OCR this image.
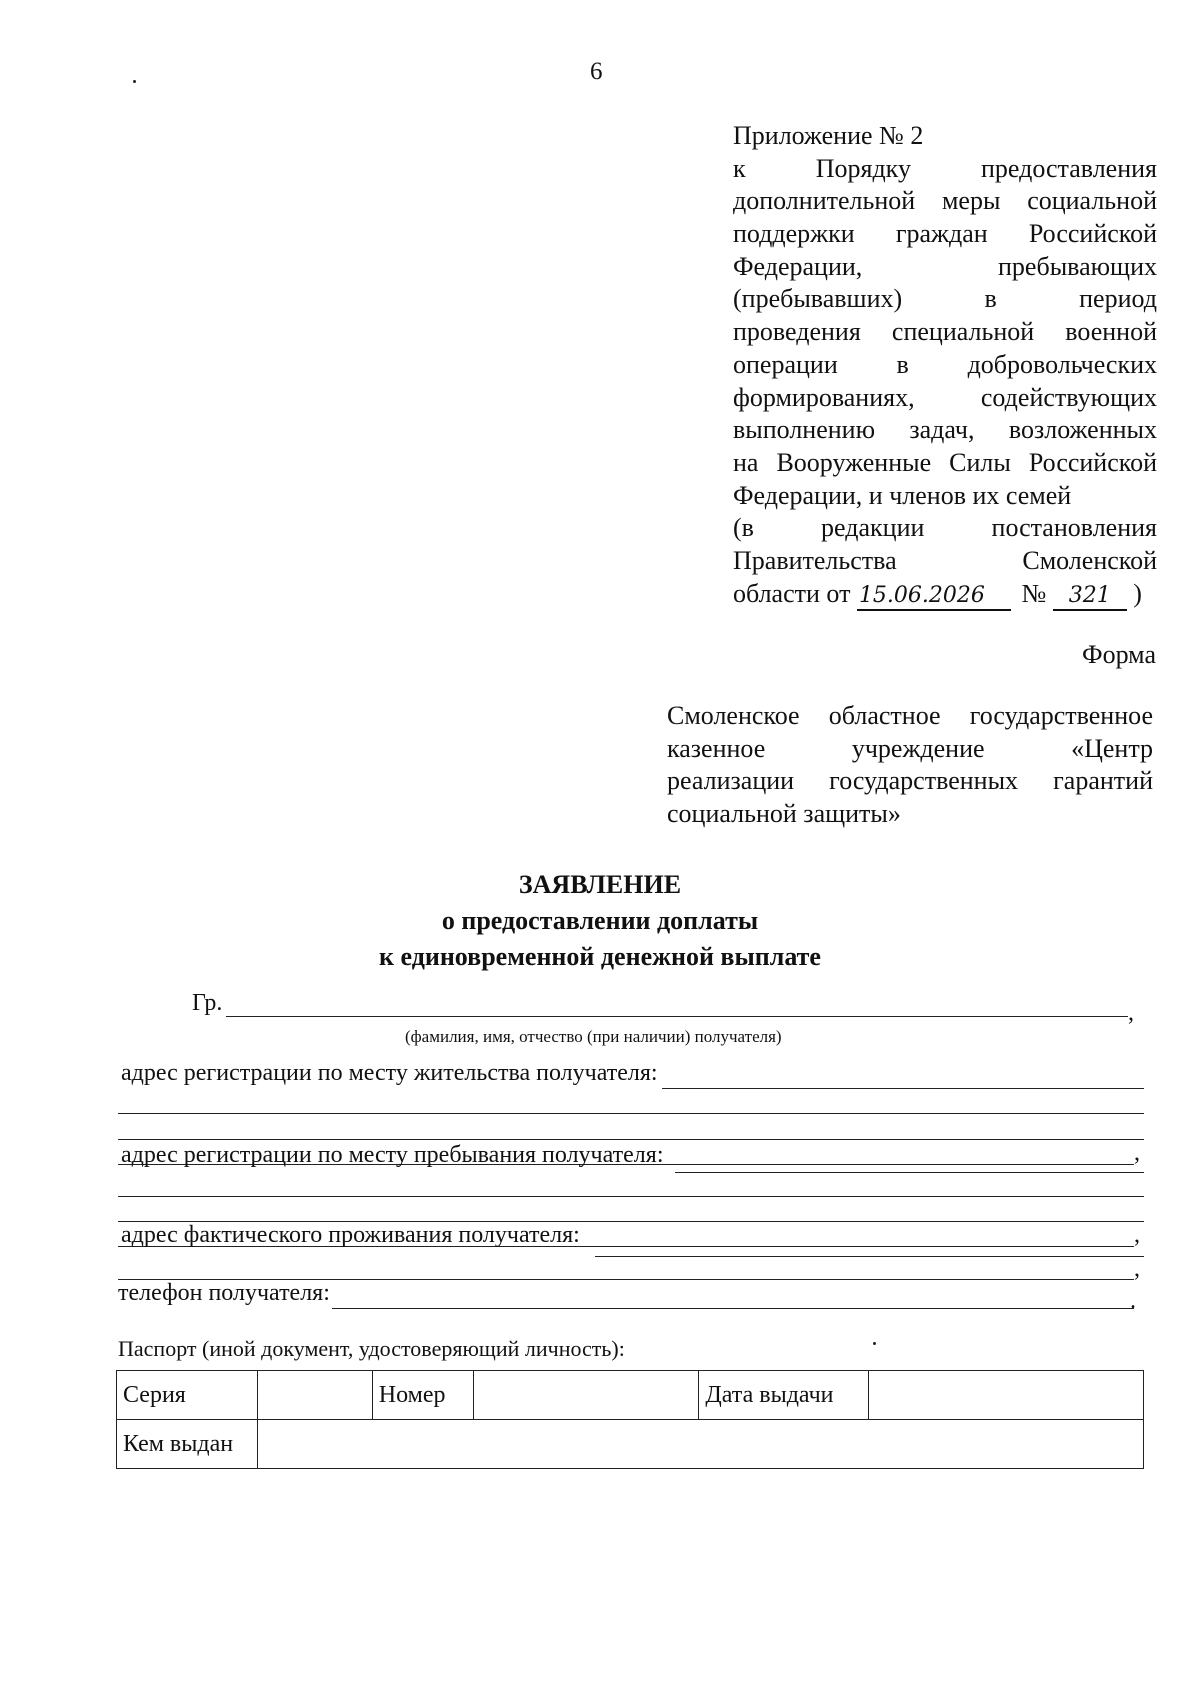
6
Приложение № 2
к Порядку предоставления
дополнительной меры социальной
поддержки граждан Российской
Федерации, пребывающих
(пребывавших) в период
проведения специальной военной
операции в добровольческих
формированиях, содействующих
выполнению задач, возложенных
на Вооруженные Силы Российской
Федерации, и членов их семей
(в редакции постановления
Правительства Смоленской
области от 15.06.2026 № 321 )
Форма
Смоленское областное государственное
казенное учреждение «Центр
реализации государственных гарантий
социальной защиты»
ЗАЯВЛЕНИЕ
о предоставлении доплаты
к единовременной денежной выплате
Гр.	,
(фамилия, имя, отчество (при наличии) получателя)
адрес регистрации по месту жительства получателя:
,
адрес регистрации по месту пребывания получателя:
,
адрес фактического проживания получателя:
,
телефон получателя:	.
Паспорт (иной документ, удостоверяющий личность):
Серия		Номер		Дата выдачи	
Кем выдан					
